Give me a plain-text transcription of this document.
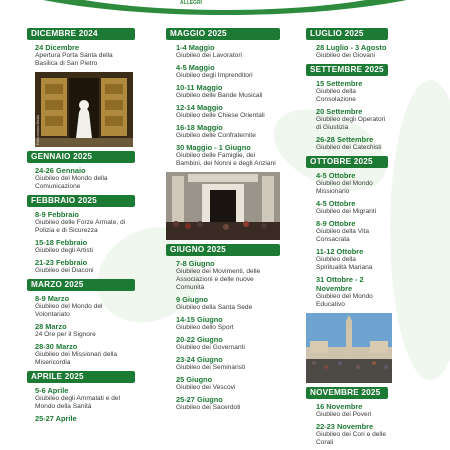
ALLEGRI
DICEMBRE 2024
24 Dicembre
Apertura Porta Santa della Basilica di San Pietro
Fotocronaca Media
GENNAIO 2025
24-26 Gennaio
Giubileo del Mondo della Comunicazione
FEBBRAIO 2025
8-9 Febbraio
Giubileo delle Forze Armate, di Polizia e di Sicurezza
15-18 Febbraio
Giubileo degli Artisti
21-23 Febbraio
Giubileo dei Diaconi
MARZO 2025
8-9 Marzo
Giubileo del Mondo del Volontariato
28 Marzo
24 Ore per il Signore
28-30 Marzo
Giubileo dei Missionari della Misericordia
APRILE 2025
5-6 Aprile
Giubileo degli Ammalati e del Mondo della Sanità
25-27 Aprile
MAGGIO 2025
1-4 Maggio
Giubileo dei Lavoratori
4-5 Maggio
Giubileo degli Imprenditori
10-11 Maggio
Giubileo delle Bande Musicali
12-14 Maggio
Giubileo delle Chiese Orientali
16-18 Maggio
Giubileo delle Confraternite
30 Maggio - 1 Giugno
Giubileo delle Famiglie, dei Bambini, dei Nonni e degli Anziani
GIUGNO 2025
7-8 Giugno
Giubileo dei Movimenti, delle Associazioni e delle nuove Comunità
9 Giugno
Giubileo della Santa Sede
14-15 Giugno
Giubileo dello Sport
20-22 Giugno
Giubileo dei Governanti
23-24 Giugno
Giubileo dei Seminaristi
25 Giugno
Giubileo dei Vescovi
25-27 Giugno
Giubileo dei Sacerdoti
LUGLIO 2025
28 Luglio - 3 Agosto
Giubileo dei Giovani
SETTEMBRE 2025
15 Settembre
Giubileo della Consolazione
20 Settembre
Giubileo degli Operatori di Giustizia
26-28 Settembre
Giubileo dei Catechisti
OTTOBRE 2025
4-5 Ottobre
Giubileo del Mondo Missionario
4-5 Ottobre
Giubileo dei Migranti
8-9 Ottobre
Giubileo della Vita Consacrata
11-12 Ottobre
Giubileo della Spiritualità Mariana
31 Ottobre - 2 Novembre
Giubileo del Mondo Educativo
NOVEMBRE 2025
16 Novembre
Giubileo dei Poveri
22-23 Novembre
Giubileo dei Cori e delle Corali
